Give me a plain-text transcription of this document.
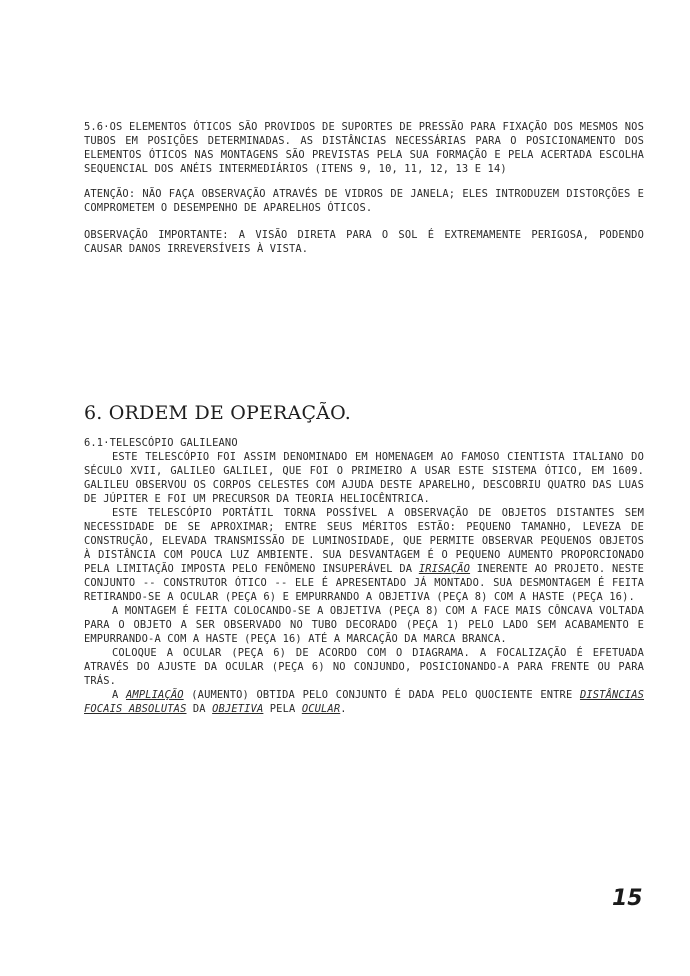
5.6·OS ELEMENTOS ÓTICOS SÃO PROVIDOS DE SUPORTES DE PRESSÃO PARA FIXAÇÃO DOS MESMOS NOS TUBOS EM POSIÇÕES DETERMINADAS. AS DISTÂNCIAS NECESSÁRIAS PARA O POSICIONAMENTO DOS ELEMENTOS ÓTICOS NAS MONTAGENS SÃO PREVISTAS PELA SUA FORMAÇÃO E PELA ACERTADA ESCOLHA SEQUENCIAL DOS ANÉIS INTERMEDIÁRIOS (ITENS 9, 10, 11, 12, 13 E 14)

ATENÇÃO: NÃO FAÇA OBSERVAÇÃO ATRAVÉS DE VIDROS DE JANELA; ELES INTRODUZEM DISTORÇÕES E COMPROMETEM O DESEMPENHO DE APARELHOS ÓTICOS.

OBSERVAÇÃO IMPORTANTE: A VISÃO DIRETA PARA O SOL É EXTREMAMENTE PERIGOSA, PODENDO CAUSAR DANOS IRREVERSÍVEIS À VISTA.

6. ORDEM DE OPERAÇÃO.

6.1·TELESCÓPIO GALILEANO

ESTE TELESCÓPIO FOI ASSIM DENOMINADO EM HOMENAGEM AO FAMOSO CIENTISTA ITALIANO DO SÉCULO XVII, GALILEO GALILEI, QUE FOI O PRIMEIRO A USAR ESTE SISTEMA ÓTICO, EM 1609. GALILEU OBSERVOU OS CORPOS CELESTES COM AJUDA DESTE APARELHO, DESCOBRIU QUATRO DAS LUAS DE JÚPITER E FOI UM PRECURSOR DA TEORIA HELIOCÊNTRICA.

ESTE TELESCÓPIO PORTÁTIL TORNA POSSÍVEL A OBSERVAÇÃO DE OBJETOS DISTANTES SEM NECESSIDADE DE SE APROXIMAR; ENTRE SEUS MÉRITOS ESTÃO: PEQUENO TAMANHO, LEVEZA DE CONSTRUÇÃO, ELEVADA TRANSMISSÃO DE LUMINOSIDADE, QUE PERMITE OBSERVAR PEQUENOS OBJETOS À DISTÂNCIA COM POUCA LUZ AMBIENTE. SUA DESVANTAGEM É O PEQUENO AUMENTO PROPORCIONADO PELA LIMITAÇÃO IMPOSTA PELO FENÔMENO INSUPERÁVEL DA IRISAÇÃO INERENTE AO PROJETO. NESTE CONJUNTO -- CONSTRUTOR ÓTICO -- ELE É APRESENTADO JÁ MONTADO. SUA DESMONTAGEM É FEITA RETIRANDO-SE A OCULAR (PEÇA 6) E EMPURRANDO A OBJETIVA (PEÇA 8) COM A HASTE (PEÇA 16).

A MONTAGEM É FEITA COLOCANDO-SE A OBJETIVA (PEÇA 8) COM A FACE MAIS CÔNCAVA VOLTADA PARA O OBJETO A SER OBSERVADO NO TUBO DECORADO (PEÇA 1) PELO LADO SEM ACABAMENTO E EMPURRANDO-A COM A HASTE (PEÇA 16) ATÉ A MARCAÇÃO DA MARCA BRANCA.

COLOQUE A OCULAR (PEÇA 6) DE ACORDO COM O DIAGRAMA. A FOCALIZAÇÃO É EFETUADA ATRAVÉS DO AJUSTE DA OCULAR (PEÇA 6) NO CONJUNDO, POSICIONANDO-A PARA FRENTE OU PARA TRÁS.

A AMPLIAÇÃO (AUMENTO) OBTIDA PELO CONJUNTO É DADA PELO QUOCIENTE ENTRE DISTÂNCIAS FOCAIS ABSOLUTAS DA OBJETIVA PELA OCULAR.

15
